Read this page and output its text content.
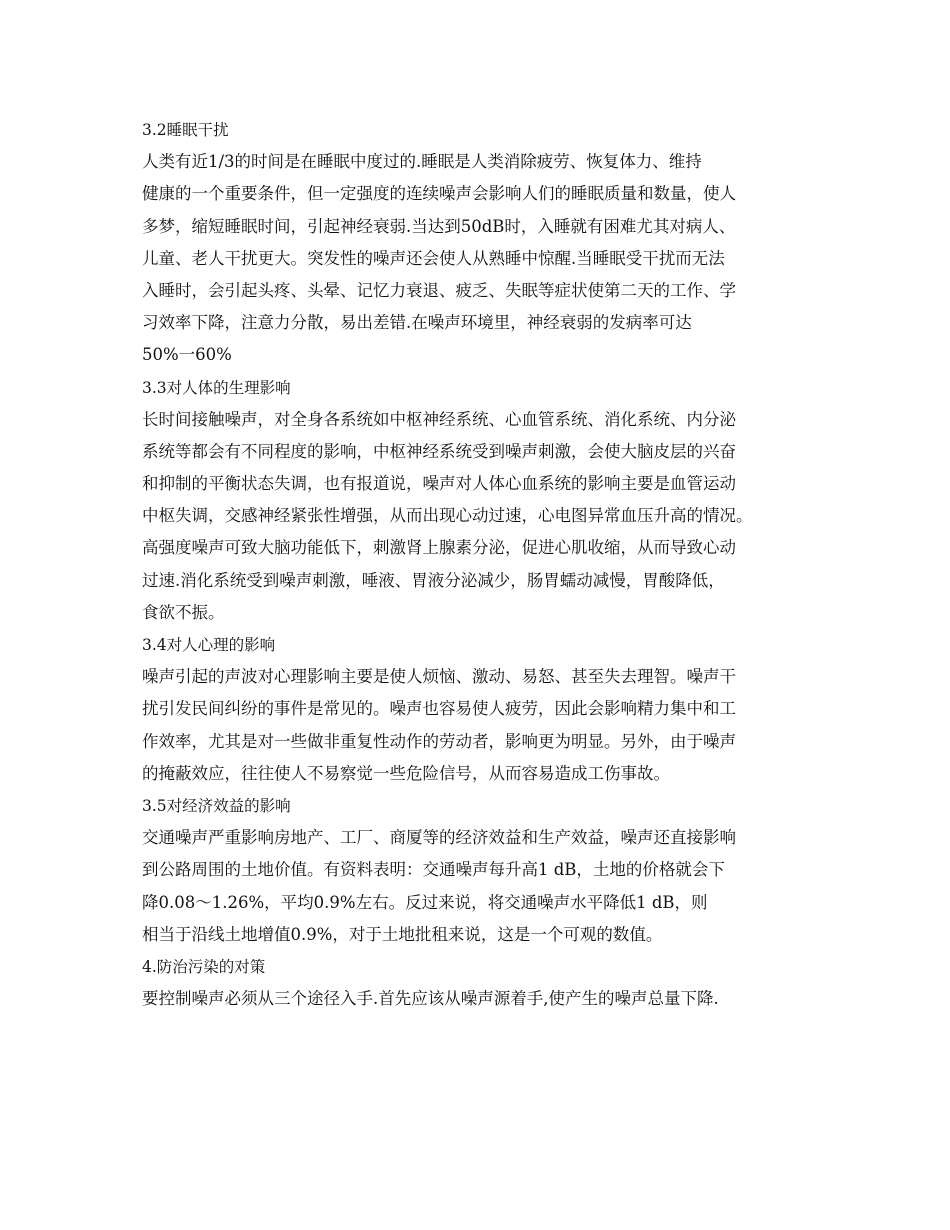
3.2睡眠干扰
人类有近1/3的时间是在睡眠中度过的.睡眠是人类消除疲劳、恢复体力、维持
健康的一个重要条件，但一定强度的连续噪声会影响人们的睡眠质量和数量，使人
多梦，缩短睡眠时间，引起神经衰弱.当达到50dB时，入睡就有困难尤其对病人、
儿童、老人干扰更大。突发性的噪声还会使人从熟睡中惊醒.当睡眠受干扰而无法
入睡时，会引起头疼、头晕、记忆力衰退、疲乏、失眠等症状使第二天的工作、学
习效率下降，注意力分散，易出差错.在噪声环境里，神经衰弱的发病率可达
50%一60%
3.3对人体的生理影响
长时间接触噪声，对全身各系统如中枢神经系统、心血管系统、消化系统、内分泌
系统等都会有不同程度的影响，中枢神经系统受到噪声刺激，会使大脑皮层的兴奋
和抑制的平衡状态失调，也有报道说，噪声对人体心血系统的影响主要是血管运动
中枢失调，交感神经紧张性增强，从而出现心动过速，心电图异常血压升高的情况。
高强度噪声可致大脑功能低下，刺激肾上腺素分泌，促进心肌收缩，从而导致心动
过速.消化系统受到噪声刺激，唾液、胃液分泌减少，肠胃蠕动减慢，胃酸降低，
食欲不振。
3.4对人心理的影响
噪声引起的声波对心理影响主要是使人烦恼、激动、易怒、甚至失去理智。噪声干
扰引发民间纠纷的事件是常见的。噪声也容易使人疲劳，因此会影响精力集中和工
作效率，尤其是对一些做非重复性动作的劳动者，影响更为明显。另外，由于噪声
的掩蔽效应，往往使人不易察觉一些危险信号，从而容易造成工伤事故。
3.5对经济效益的影响
交通噪声严重影响房地产、工厂、商厦等的经济效益和生产效益，噪声还直接影响
到公路周围的土地价值。有资料表明：交通噪声每升高1 dB，土地的价格就会下
降0.08～1.26%，平均0.9%左右。反过来说，将交通噪声水平降低1 dB，则
相当于沿线土地增值0.9%，对于土地批租来说，这是一个可观的数值。
4.防治污染的对策
要控制噪声必须从三个途径入手.首先应该从噪声源着手,使产生的噪声总量下降.
